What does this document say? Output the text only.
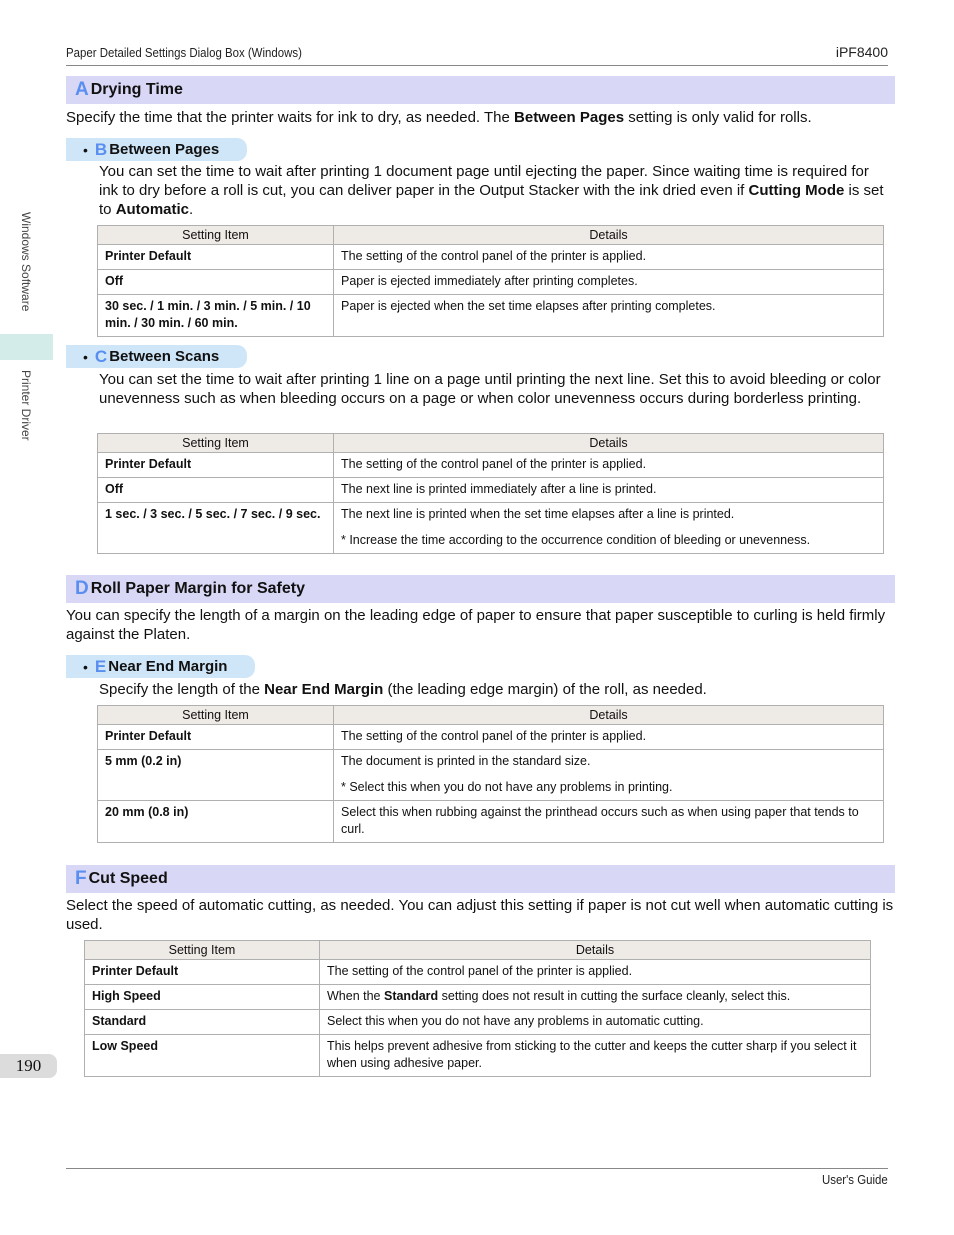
Paper Detailed Settings Dialog Box (Windows)	iPF8400
User's Guide
Windows Software
Printer Driver
190
A Drying Time
Specify the time that the printer waits for ink to dry, as needed. The Between Pages setting is only valid for rolls.
• B Between Pages
You can set the time to wait after printing 1 document page until ejecting the paper. Since waiting time is required for ink to dry before a roll is cut, you can deliver paper in the Output Stacker with the ink dried even if Cutting Mode is set to Automatic.
Setting Item	Details
Printer Default	The setting of the control panel of the printer is applied.
Off	Paper is ejected immediately after printing completes.
30 sec. / 1 min. / 3 min. / 5 min. / 10 min. / 30 min. / 60 min.	Paper is ejected when the set time elapses after printing completes.
• C Between Scans
You can set the time to wait after printing 1 line on a page until printing the next line. Set this to avoid bleeding or color unevenness such as when bleeding occurs on a page or when color unevenness occurs during borderless printing.
Setting Item	Details
Printer Default	The setting of the control panel of the printer is applied.
Off	The next line is printed immediately after a line is printed.
1 sec. / 3 sec. / 5 sec. / 7 sec. / 9 sec.	The next line is printed when the set time elapses after a line is printed.
* Increase the time according to the occurrence condition of bleeding or unevenness.
D Roll Paper Margin for Safety
You can specify the length of a margin on the leading edge of paper to ensure that paper susceptible to curling is held firmly against the Platen.
• E Near End Margin
Specify the length of the Near End Margin (the leading edge margin) of the roll, as needed.
Setting Item	Details
Printer Default	The setting of the control panel of the printer is applied.
5 mm (0.2 in)	The document is printed in the standard size.
* Select this when you do not have any problems in printing.

20 mm (0.8 in)	Select this when rubbing against the printhead occurs such as when using paper that tends to curl.
F Cut Speed
Select the speed of automatic cutting, as needed. You can adjust this setting if paper is not cut well when automatic cutting is used.
Setting Item	Details
Printer Default	The setting of the control panel of the printer is applied.
High Speed	When the Standard setting does not result in cutting the surface cleanly, select this.
Standard	Select this when you do not have any problems in automatic cutting.
Low Speed	This helps prevent adhesive from sticking to the cutter and keeps the cutter sharp if you select it when using adhesive paper.
